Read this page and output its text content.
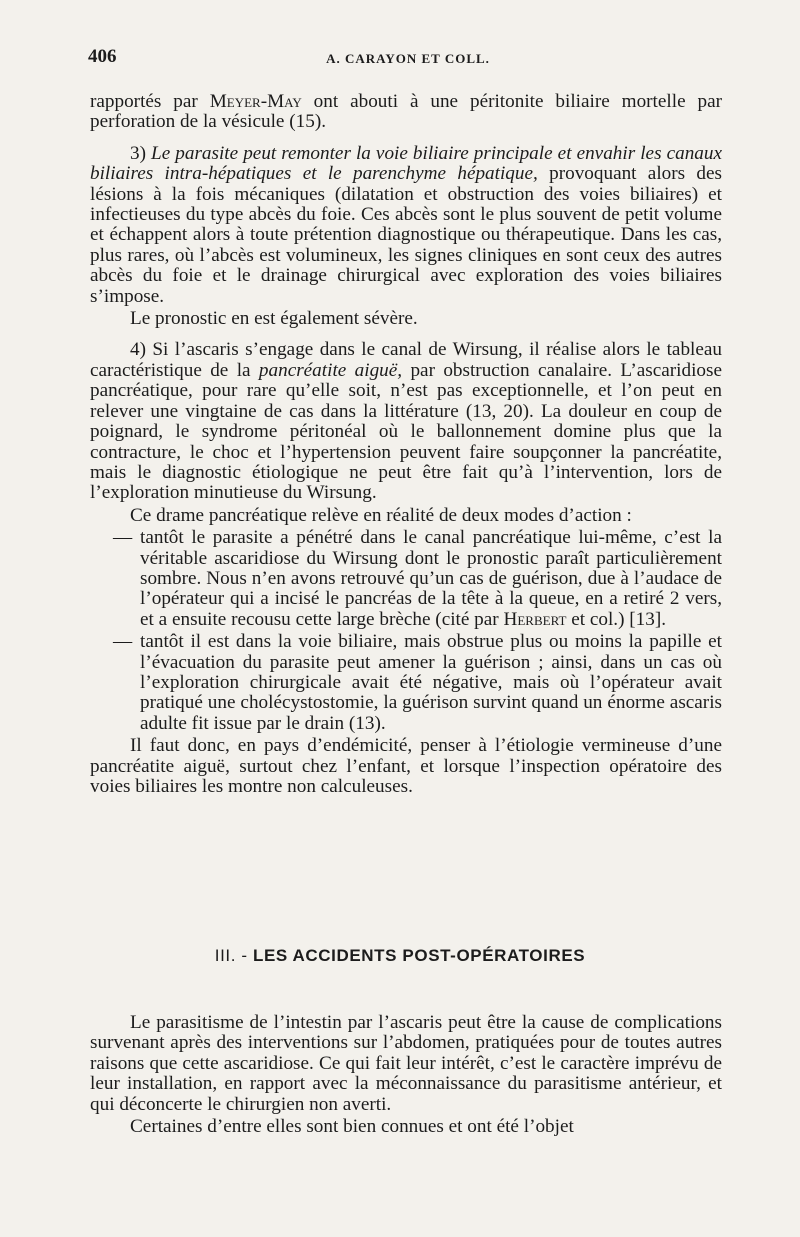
406	A. CARAYON ET COLL.

rapportés par Meyer-May ont abouti à une péritonite biliaire mortelle par perforation de la vésicule (15).

3) Le parasite peut remonter la voie biliaire principale et envahir les canaux biliaires intra-hépatiques et le parenchyme hépatique, provoquant alors des lésions à la fois mécaniques (dilatation et obstruction des voies biliaires) et infectieuses du type abcès du foie. Ces abcès sont le plus souvent de petit volume et échappent alors à toute prétention diagnostique ou thérapeutique. Dans les cas, plus rares, où l’abcès est volumineux, les signes cliniques en sont ceux des autres abcès du foie et le drainage chirurgical avec exploration des voies biliaires s’impose.

Le pronostic en est également sévère.

4) Si l’ascaris s’engage dans le canal de Wirsung, il réalise alors le tableau caractéristique de la pancréatite aiguë, par obstruction canalaire. L’ascaridiose pancréatique, pour rare qu’elle soit, n’est pas exceptionnelle, et l’on peut en relever une vingtaine de cas dans la littérature (13, 20). La douleur en coup de poignard, le syndrome péritonéal où le ballonnement domine plus que la contracture, le choc et l’hypertension peuvent faire soupçonner la pancréatite, mais le diagnostic étiologique ne peut être fait qu’à l’intervention, lors de l’exploration minutieuse du Wirsung.

Ce drame pancréatique relève en réalité de deux modes d’action :

— tantôt le parasite a pénétré dans le canal pancréatique lui-même, c’est la véritable ascaridiose du Wirsung dont le pronostic paraît particulièrement sombre. Nous n’en avons retrouvé qu’un cas de guérison, due à l’audace de l’opérateur qui a incisé le pancréas de la tête à la queue, en a retiré 2 vers, et a ensuite recousu cette large brèche (cité par Herbert et col.) [13].

— tantôt il est dans la voie biliaire, mais obstrue plus ou moins la papille et l’évacuation du parasite peut amener la guérison ; ainsi, dans un cas où l’exploration chirurgicale avait été négative, mais où l’opérateur avait pratiqué une cholécystostomie, la guérison survint quand un énorme ascaris adulte fit issue par le drain (13).

Il faut donc, en pays d’endémicité, penser à l’étiologie vermineuse d’une pancréatite aiguë, surtout chez l’enfant, et lorsque l’inspection opératoire des voies biliaires les montre non calculeuses.

III. - LES ACCIDENTS POST-OPÉRATOIRES

Le parasitisme de l’intestin par l’ascaris peut être la cause de complications survenant après des interventions sur l’abdomen, pratiquées pour de toutes autres raisons que cette ascaridiose. Ce qui fait leur intérêt, c’est le caractère imprévu de leur installation, en rapport avec la méconnaissance du parasitisme antérieur, et qui déconcerte le chirurgien non averti.

Certaines d’entre elles sont bien connues et ont été l’objet
